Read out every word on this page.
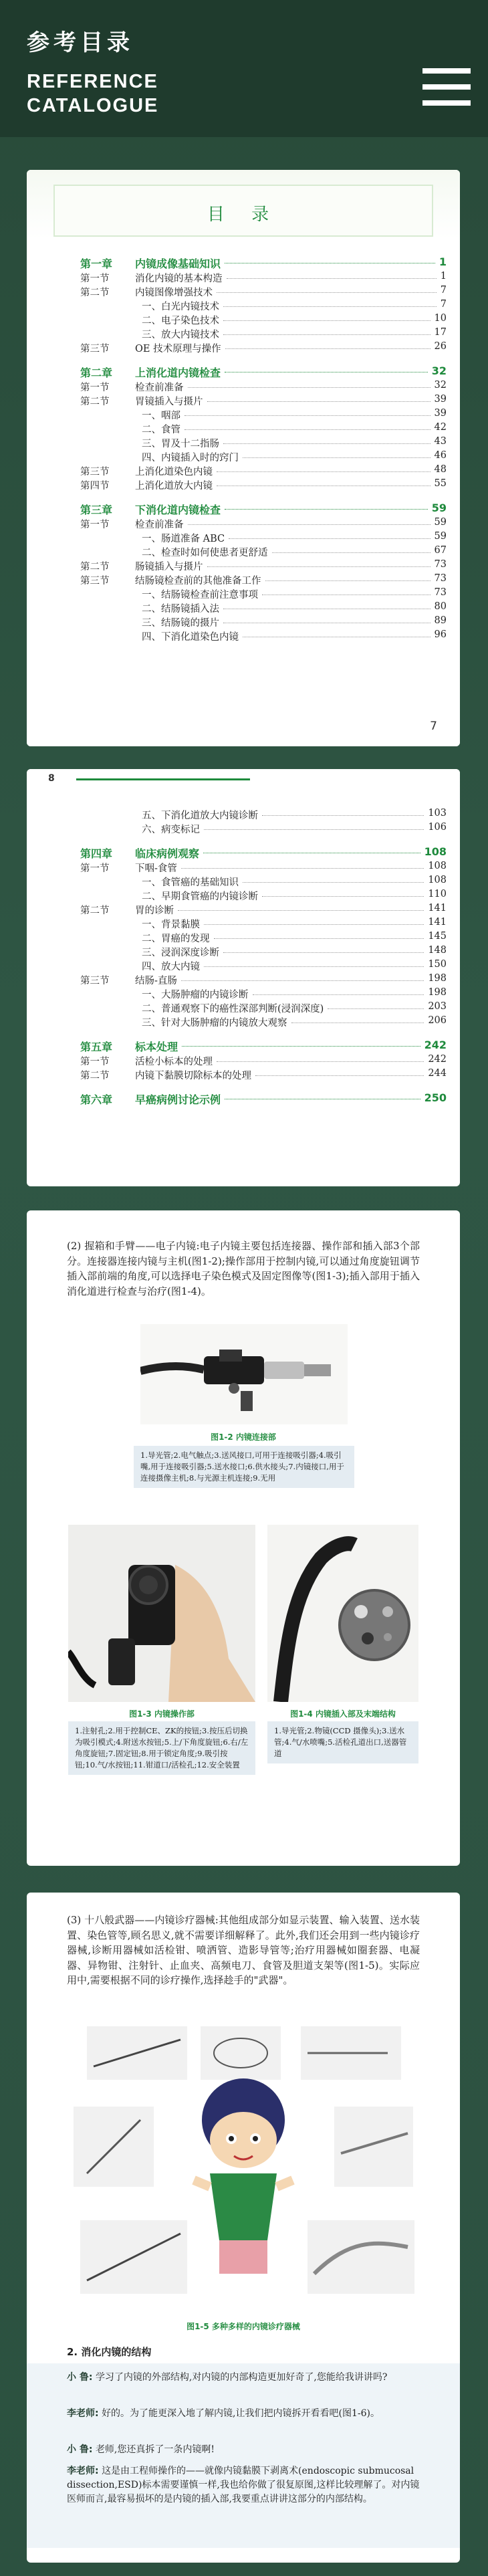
参考目录
REFERENCE
CATALOGUE
目 录
第一章 内镜成像基础知识	1
第一节	消化内镜的基本构造	1
第二节	内镜图像增强技术	7
一、白光内镜技术	7
二、电子染色技术	10
三、放大内镜技术	17
第三节	OE 技术原理与操作	26
第二章 上消化道内镜检查	32
第一节	检查前准备	32
第二节	胃镜插入与摄片	39
一、咽部	39
二、食管	42
三、胃及十二指肠	43
四、内镜插入时的窍门	46
第三节	上消化道染色内镜	48
第四节	上消化道放大内镜	55
第三章 下消化道内镜检查	59
第一节	检查前准备	59
一、肠道准备 ABC	59
二、检查时如何使患者更舒适	67
第二节	肠镜插入与摄片	73
第三节	结肠镜检查前的其他准备工作	73
一、结肠镜检查前注意事项	73
二、结肠镜插入法	80
三、结肠镜的摄片	89
四、下消化道染色内镜	96
7
8
五、下消化道放大内镜诊断	103
六、病变标记	106
第四章 临床病例观察	108
第一节	下咽-食管	108
一、食管癌的基础知识	108
二、早期食管癌的内镜诊断	110
第二节	胃的诊断	141
一、背景黏膜	141
二、胃癌的发现	145
三、浸润深度诊断	148
四、放大内镜	150
第三节	结肠-直肠	198
一、大肠肿瘤的内镜诊断	198
二、普通观察下的癌性深部判断(浸润深度)	203
三、针对大肠肿瘤的内镜放大观察	206
第五章 标本处理	242
第一节	活检小标本的处理	242
第二节	内镜下黏膜切除标本的处理	244
第六章 早癌病例讨论示例	250
(2) 握箱和手臂——电子内镜:电子内镜主要包括连接器、操作部和插入部3个部分。连接器连接内镜与主机(图1-2);操作部用于控制内镜,可以通过角度旋钮调节插入部前端的角度,可以选择电子染色模式及固定图像等(图1-3);插入部用于插入消化道进行检查与治疗(图1-4)。
图1-2 内镜连接部
1.导光管;2.电气触点;3.送风接口,可用于连接吸引器;4.吸引嘴,用于连接吸引器;5.送水接口;6.供水接头;7.内镜接口,用于连接摄像主机;8.与光源主机连接;9.无用
图1-3 内镜操作部
1.注射孔;2.用于控制CE、ZK的按钮;3.按压后切换为吸引模式;4.附送水按钮;5.上/下角度旋钮;6.右/左角度旋钮;7.固定钮;8.用于锁定角度;9.吸引按钮;10.气/水按钮;11.钳道口/活检孔;12.安全装置
图1-4 内镜插入部及末端结构
1.导光管;2.物镜(CCD 摄像头);3.送水管;4.气/水喷嘴;5.活检孔道出口,送器管道
(3) 十八般武器——内镜诊疗器械:其他组成部分如显示装置、输入装置、送水装置、染色管等,顾名思义,就不需要详细解释了。此外,我们还会用到一些内镜诊疗器械,诊断用器械如活检钳、喷洒管、造影导管等;治疗用器械如圈套器、电凝器、异物钳、注射针、止血夹、高频电刀、食管及胆道支架等(图1-5)。实际应用中,需要根据不同的诊疗操作,选择趁手的"武器"。
图1-5 多种多样的内镜诊疗器械
2. 消化内镜的结构
小 鲁: 学习了内镜的外部结构,对内镜的内部构造更加好奇了,您能给我讲讲吗?
李老师: 好的。为了能更深入地了解内镜,让我们把内镜拆开看看吧(图1-6)。
小 鲁: 老师,您还真拆了一条内镜啊!
李老师: 这是由工程师操作的——就像内镜黏膜下剥离术(endoscopic submucosal dissection,ESD)标本需要谨慎一样,我也给你做了很复原图,这样比较理解了。对内镜医师而言,最容易损坏的是内镜的插入部,我要重点讲讲这部分的内部结构。
